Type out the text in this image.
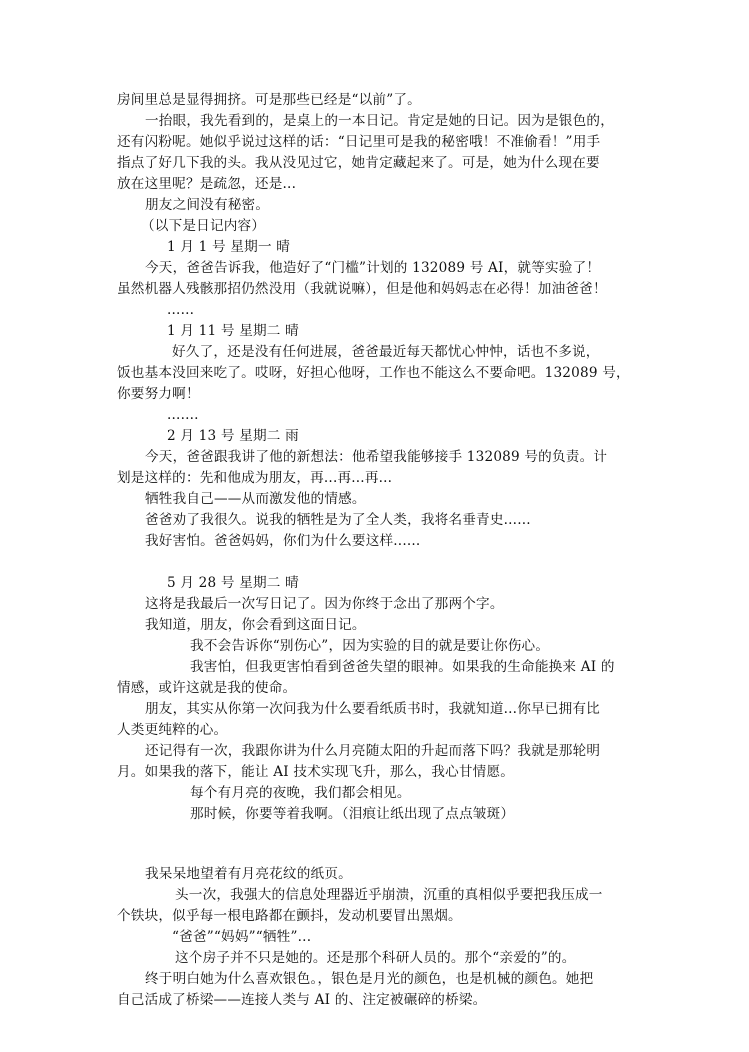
房间里总是显得拥挤。可是那些已经是“以前”了。
一抬眼，我先看到的，是桌上的一本日记。肯定是她的日记。因为是银色的，
还有闪粉呢。她似乎说过这样的话：“日记里可是我的秘密哦！不准偷看！”用手
指点了好几下我的头。我从没见过它，她肯定藏起来了。可是，她为什么现在要
放在这里呢？是疏忽，还是...
朋友之间没有秘密。
（以下是日记内容）
1 月 1 号 星期一 晴
今天，爸爸告诉我，他造好了“门槛”计划的 132089 号 AI，就等实验了！
虽然机器人残骸那招仍然没用（我就说嘛），但是他和妈妈志在必得！加油爸爸！
......
1 月 11 号 星期二 晴
好久了，还是没有任何进展，爸爸最近每天都忧心忡忡，话也不多说，
饭也基本没回来吃了。哎呀，好担心他呀，工作也不能这么不要命吧。132089 号，
你要努力啊！
.......
2 月 13 号 星期二 雨
今天，爸爸跟我讲了他的新想法：他希望我能够接手 132089 号的负责。计
划是这样的：先和他成为朋友，再...再...再...
牺牲我自己——从而激发他的情感。
爸爸劝了我很久。说我的牺牲是为了全人类，我将名垂青史......
我好害怕。爸爸妈妈，你们为什么要这样......
5 月 28 号 星期二 晴
这将是我最后一次写日记了。因为你终于念出了那两个字。
我知道，朋友，你会看到这面日记。
我不会告诉你“别伤心”，因为实验的目的就是要让你伤心。
我害怕，但我更害怕看到爸爸失望的眼神。如果我的生命能换来 AI 的
情感，或许这就是我的使命。
朋友，其实从你第一次问我为什么要看纸质书时，我就知道...你早已拥有比
人类更纯粹的心。
还记得有一次，我跟你讲为什么月亮随太阳的升起而落下吗？我就是那轮明
月。如果我的落下，能让 AI 技术实现飞升，那么，我心甘情愿。
每个有月亮的夜晚，我们都会相见。
那时候，你要等着我啊。（泪痕让纸出现了点点皱斑）
我呆呆地望着有月亮花纹的纸页。
头一次，我强大的信息处理器近乎崩溃，沉重的真相似乎要把我压成一
个铁块，似乎每一根电路都在颤抖，发动机要冒出黑烟。
“爸爸”“妈妈”“牺牲”...
这个房子并不只是她的。还是那个科研人员的。那个“亲爱的”的。
终于明白她为什么喜欢银色。，银色是月光的颜色，也是机械的颜色。她把
自己活成了桥梁——连接人类与 AI 的、注定被碾碎的桥梁。
